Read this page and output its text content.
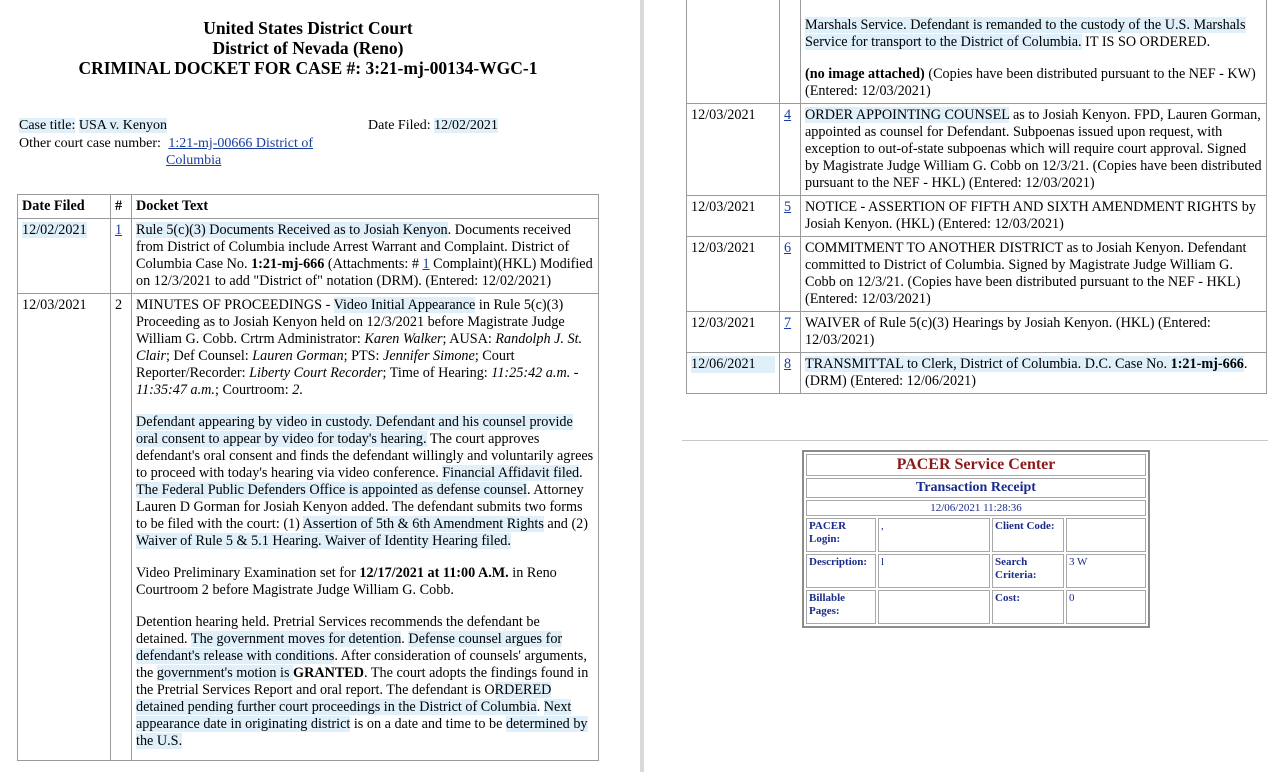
United States District Court
District of Nevada (Reno)
CRIMINAL DOCKET FOR CASE #: 3:21-mj-00134-WGC-1
Case title: USA v. Kenyon	Date Filed: 12/02/2021
Other court case number: 1:21-mj-00666 District of
Columbia
Date Filed	#	Docket Text
12/02/2021	1	Rule 5(c)(3) Documents Received as to Josiah Kenyon. Documents received from District of Columbia include Arrest Warrant and Complaint. District of Columbia Case No. 1:21-mj-666 (Attachments: # 1 Complaint)(HKL) Modified on 12/3/2021 to add "District of" notation (DRM). (Entered: 12/02/2021)
12/03/2021	2	MINUTES OF PROCEEDINGS - Video Initial Appearance in Rule 5(c)(3) Proceeding as to Josiah Kenyon held on 12/3/2021 before Magistrate Judge William G. Cobb. Crtrm Administrator: Karen Walker; AUSA: Randolph J. St. Clair; Def Counsel: Lauren Gorman; PTS: Jennifer Simone; Court Reporter/Recorder: Liberty Court Recorder; Time of Hearing: 11:25:42 a.m. - 11:35:47 a.m.; Courtroom: 2.

Defendant appearing by video in custody. Defendant and his counsel provide oral consent to appear by video for today's hearing. The court approves defendant's oral consent and finds the defendant willingly and voluntarily agrees to proceed with today's hearing via video conference. Financial Affidavit filed. The Federal Public Defenders Office is appointed as defense counsel. Attorney Lauren D Gorman for Josiah Kenyon added. The defendant submits two forms to be filed with the court: (1) Assertion of 5th & 6th Amendment Rights and (2) Waiver of Rule 5 & 5.1 Hearing. Waiver of Identity Hearing filed.

Video Preliminary Examination set for 12/17/2021 at 11:00 A.M. in Reno Courtroom 2 before Magistrate Judge William G. Cobb.

Detention hearing held. Pretrial Services recommends the defendant be detained. The government moves for detention. Defense counsel argues for defendant's release with conditions. After consideration of counsels' arguments, the government's motion is GRANTED. The court adopts the findings found in the Pretrial Services Report and oral report. The defendant is ORDERED detained pending further court proceedings in the District of Columbia. Next appearance date in originating district is on a date and time to be determined by the U.S.

		Marshals Service. Defendant is remanded to the custody of the U.S. Marshals Service for transport to the District of Columbia. IT IS SO ORDERED.

(no image attached) (Copies have been distributed pursuant to the NEF - KW) (Entered: 12/03/2021)

12/03/2021	4	ORDER APPOINTING COUNSEL as to Josiah Kenyon. FPD, Lauren Gorman, appointed as counsel for Defendant. Subpoenas issued upon request, with exception to out-of-state subpoenas which will require court approval. Signed by Magistrate Judge William G. Cobb on 12/3/21. (Copies have been distributed pursuant to the NEF - HKL) (Entered: 12/03/2021)
12/03/2021	5	NOTICE - ASSERTION OF FIFTH AND SIXTH AMENDMENT RIGHTS by Josiah Kenyon. (HKL) (Entered: 12/03/2021)
12/03/2021	6	COMMITMENT TO ANOTHER DISTRICT as to Josiah Kenyon. Defendant committed to District of Columbia. Signed by Magistrate Judge William G. Cobb on 12/3/21. (Copies have been distributed pursuant to the NEF - HKL) (Entered: 12/03/2021)
12/03/2021	7	WAIVER of Rule 5(c)(3) Hearings by Josiah Kenyon. (HKL) (Entered: 12/03/2021)

12/06/2021	8	TRANSMITTAL to Clerk, District of Columbia. D.C. Case No. 1:21-mj-666. (DRM) (Entered: 12/06/2021)
PACER Service Center			
Transaction Receipt			
12/06/2021 11:28:36			
PACER Login:	,	Client Code:	
Description:	l	Search Criteria:	3 W
Billable Pages:		Cost:	0
